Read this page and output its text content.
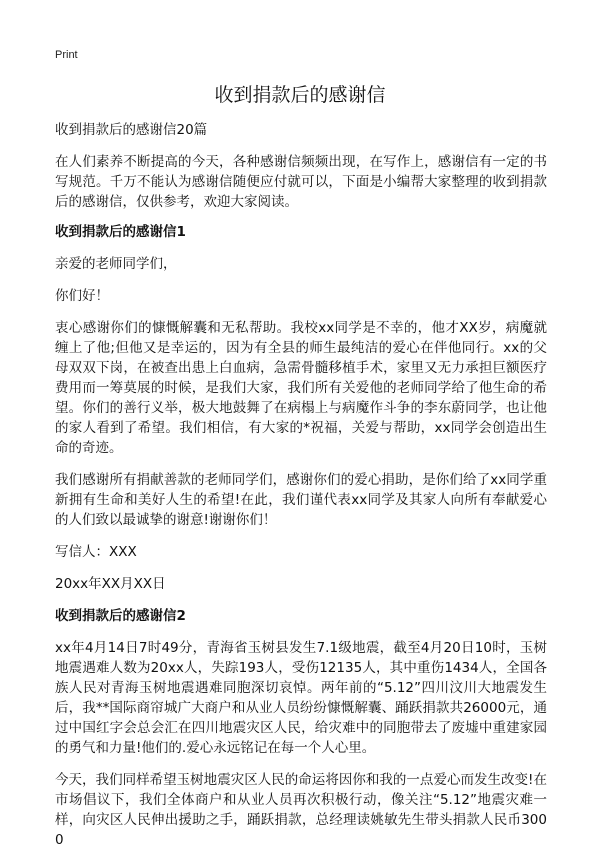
Print
收到捐款后的感谢信

收到捐款后的感谢信20篇

在人们素养不断提高的今天，各种感谢信频频出现，在写作上，感谢信有一定的书写规范。千万不能认为感谢信随便应付就可以，下面是小编帮大家整理的收到捐款后的感谢信，仅供参考，欢迎大家阅读。

收到捐款后的感谢信1

亲爱的老师同学们，

你们好！

衷心感谢你们的慷慨解囊和无私帮助。我校xx同学是不幸的，他才XX岁，病魔就缠上了他;但他又是幸运的，因为有全县的师生最纯洁的爱心在伴他同行。xx的父母双双下岗，在被查出患上白血病，急需骨髓移植手术，家里又无力承担巨额医疗费用而一筹莫展的时候，是我们大家，我们所有关爱他的老师同学给了他生命的希望。你们的善行义举，极大地鼓舞了在病榻上与病魔作斗争的李东蔚同学，也让他的家人看到了希望。我们相信，有大家的*祝福，关爱与帮助，xx同学会创造出生命的奇迹。

我们感谢所有捐献善款的老师同学们，感谢你们的爱心捐助，是你们给了xx同学重新拥有生命和美好人生的希望!在此，我们谨代表xx同学及其家人向所有奉献爱心的人们致以最诚挚的谢意!谢谢你们！

写信人：XXX

20xx年XX月XX日

收到捐款后的感谢信2

xx年4月14日7时49分，青海省玉树县发生7.1级地震，截至4月20日10时，玉树地震遇难人数为20xx人，失踪193人，受伤12135人，其中重伤1434人，全国各族人民对青海玉树地震遇难同胞深切哀悼。两年前的“5.12”四川汶川大地震发生后，我**国际商帘城广大商户和从业人员纷纷慷慨解囊、踊跃捐款共26000元，通过中国红字会总会汇在四川地震灾区人民，给灾难中的同胞带去了废墟中重建家园的勇气和力量!他们的.爱心永远铭记在每一个人心里。

今天，我们同样希望玉树地震灾区人民的命运将因你和我的一点爱心而发生改变!在市场倡议下，我们全体商户和从业人员再次积极行动，像关注“5.12”地震灾难一样，向灾区人民伸出援助之手，踊跃捐款，总经理读姚敏先生带头捐款人民币3000
